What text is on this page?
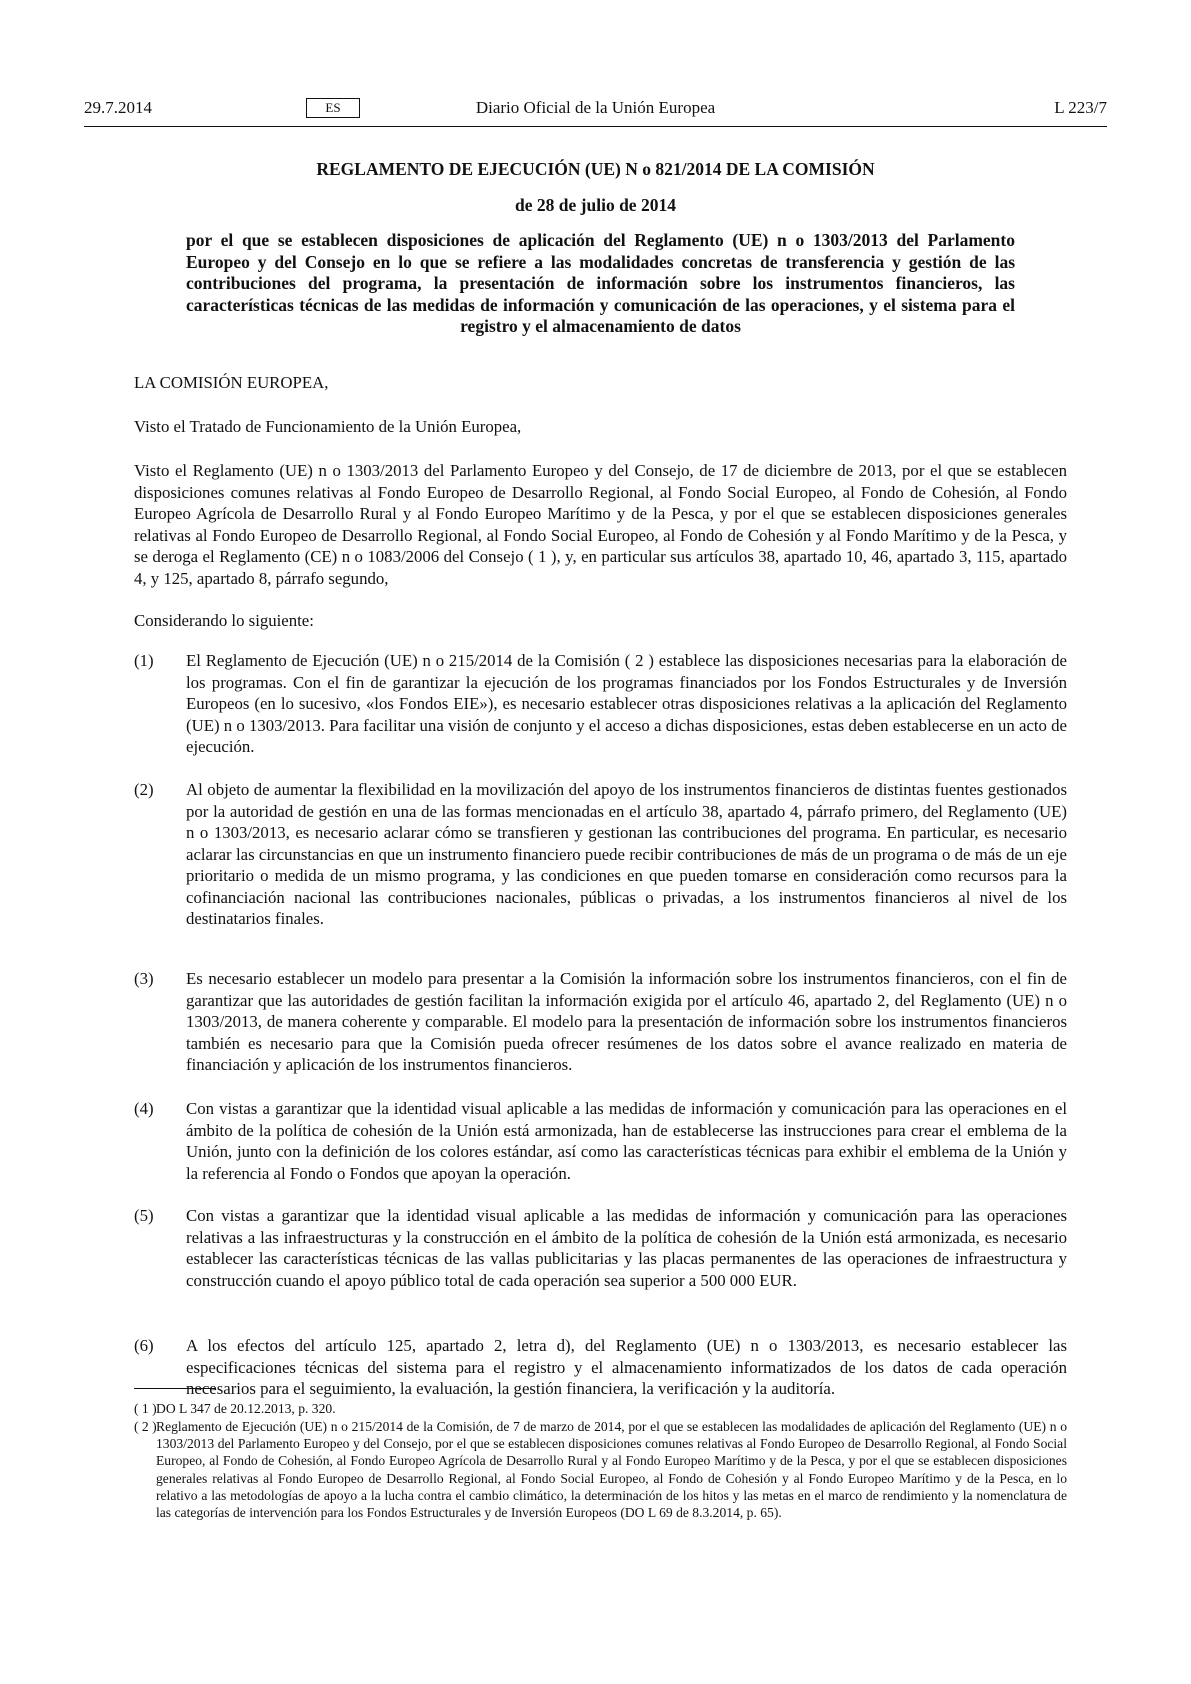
29.7.2014	ES	Diario Oficial de la Unión Europea	L 223/7
REGLAMENTO DE EJECUCIÓN (UE) N o 821/2014 DE LA COMISIÓN
de 28 de julio de 2014
por el que se establecen disposiciones de aplicación del Reglamento (UE) n o 1303/2013 del Parlamento Europeo y del Consejo en lo que se refiere a las modalidades concretas de transferencia y gestión de las contribuciones del programa, la presentación de información sobre los instrumentos financieros, las características técnicas de las medidas de información y comunicación de las operaciones, y el sistema para el registro y el almacenamiento de datos
LA COMISIÓN EUROPEA,
Visto el Tratado de Funcionamiento de la Unión Europea,
Visto el Reglamento (UE) n o 1303/2013 del Parlamento Europeo y del Consejo, de 17 de diciembre de 2013, por el que se establecen disposiciones comunes relativas al Fondo Europeo de Desarrollo Regional, al Fondo Social Europeo, al Fondo de Cohesión, al Fondo Europeo Agrícola de Desarrollo Rural y al Fondo Europeo Marítimo y de la Pesca, y por el que se establecen disposiciones generales relativas al Fondo Europeo de Desarrollo Regional, al Fondo Social Europeo, al Fondo de Cohesión y al Fondo Marítimo y de la Pesca, y se deroga el Reglamento (CE) n o 1083/2006 del Consejo ( 1 ), y, en particular sus artículos 38, apartado 10, 46, apartado 3, 115, apartado 4, y 125, apartado 8, párrafo segundo,
Considerando lo siguiente:
(1) El Reglamento de Ejecución (UE) n o 215/2014 de la Comisión ( 2 ) establece las disposiciones necesarias para la elaboración de los programas. Con el fin de garantizar la ejecución de los programas financiados por los Fondos Estructurales y de Inversión Europeos (en lo sucesivo, «los Fondos EIE»), es necesario establecer otras disposiciones relativas a la aplicación del Reglamento (UE) n o 1303/2013. Para facilitar una visión de conjunto y el acceso a dichas disposiciones, estas deben establecerse en un acto de ejecución.
(2) Al objeto de aumentar la flexibilidad en la movilización del apoyo de los instrumentos financieros de distintas fuentes gestionados por la autoridad de gestión en una de las formas mencionadas en el artículo 38, apartado 4, párrafo primero, del Reglamento (UE) n o 1303/2013, es necesario aclarar cómo se transfieren y gestionan las contribuciones del programa. En particular, es necesario aclarar las circunstancias en que un instrumento financiero puede recibir contribuciones de más de un programa o de más de un eje prioritario o medida de un mismo programa, y las condiciones en que pueden tomarse en consideración como recursos para la cofinanciación nacional las contribuciones nacionales, públicas o privadas, a los instrumentos financieros al nivel de los destinatarios finales.
(3) Es necesario establecer un modelo para presentar a la Comisión la información sobre los instrumentos financieros, con el fin de garantizar que las autoridades de gestión facilitan la información exigida por el artículo 46, apartado 2, del Reglamento (UE) n o 1303/2013, de manera coherente y comparable. El modelo para la presentación de información sobre los instrumentos financieros también es necesario para que la Comisión pueda ofrecer resúmenes de los datos sobre el avance realizado en materia de financiación y aplicación de los instrumentos financieros.
(4) Con vistas a garantizar que la identidad visual aplicable a las medidas de información y comunicación para las operaciones en el ámbito de la política de cohesión de la Unión está armonizada, han de establecerse las instrucciones para crear el emblema de la Unión, junto con la definición de los colores estándar, así como las características técnicas para exhibir el emblema de la Unión y la referencia al Fondo o Fondos que apoyan la operación.
(5) Con vistas a garantizar que la identidad visual aplicable a las medidas de información y comunicación para las operaciones relativas a las infraestructuras y la construcción en el ámbito de la política de cohesión de la Unión está armonizada, es necesario establecer las características técnicas de las vallas publicitarias y las placas permanentes de las operaciones de infraestructura y construcción cuando el apoyo público total de cada operación sea superior a 500 000 EUR.
(6) A los efectos del artículo 125, apartado 2, letra d), del Reglamento (UE) n o 1303/2013, es necesario establecer las especificaciones técnicas del sistema para el registro y el almacenamiento informatizados de los datos de cada operación necesarios para el seguimiento, la evaluación, la gestión financiera, la verificación y la auditoría.
( 1 ) DO L 347 de 20.12.2013, p. 320.
( 2 ) Reglamento de Ejecución (UE) n o 215/2014 de la Comisión, de 7 de marzo de 2014, por el que se establecen las modalidades de aplicación del Reglamento (UE) n o 1303/2013 del Parlamento Europeo y del Consejo, por el que se establecen disposiciones comunes relativas al Fondo Europeo de Desarrollo Regional, al Fondo Social Europeo, al Fondo de Cohesión, al Fondo Europeo Agrícola de Desarrollo Rural y al Fondo Europeo Marítimo y de la Pesca, y por el que se establecen disposiciones generales relativas al Fondo Europeo de Desarrollo Regional, al Fondo Social Europeo, al Fondo de Cohesión y al Fondo Europeo Marítimo y de la Pesca, en lo relativo a las metodologías de apoyo a la lucha contra el cambio climático, la determinación de los hitos y las metas en el marco de rendimiento y la nomenclatura de las categorías de intervención para los Fondos Estructurales y de Inversión Europeos (DO L 69 de 8.3.2014, p. 65).
